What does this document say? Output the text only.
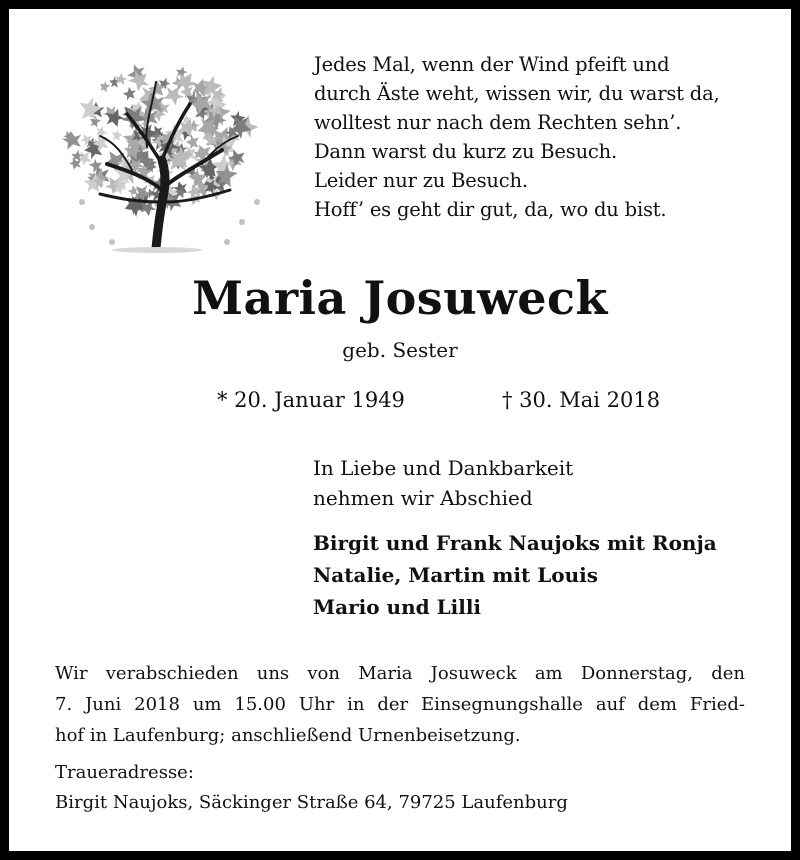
Jedes Mal, wenn der Wind pfeift und
durch Äste weht, wissen wir, du warst da,
wolltest nur nach dem Rechten sehn’.
Dann warst du kurz zu Besuch.
Leider nur zu Besuch.
Hoff’ es geht dir gut, da, wo du bist.
Maria Josuweck
geb. Sester
* 20. Januar 1949	† 30. Mai 2018
In Liebe und Dankbarkeit
nehmen wir Abschied
Birgit und Frank Naujoks mit Ronja
Natalie, Martin mit Louis
Mario und Lilli
Wir verabschieden uns von Maria Josuweck am Donnerstag, den
7. Juni 2018 um 15.00 Uhr in der Einsegnungshalle auf dem Fried-
hof in Laufenburg; anschließend Urnenbeisetzung.
Traueradresse:
Birgit Naujoks, Säckinger Straße 64, 79725 Laufenburg
